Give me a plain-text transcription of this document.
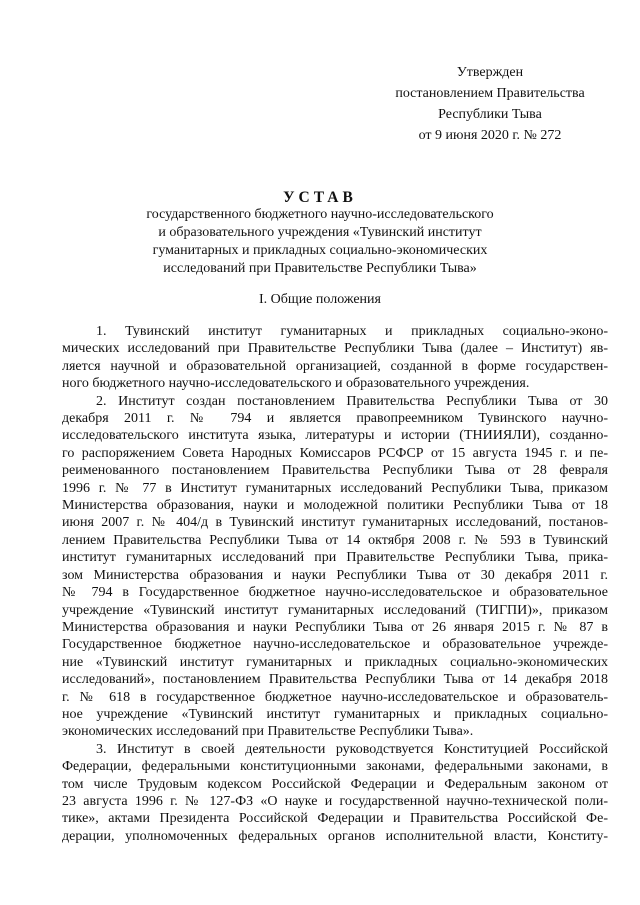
Утвержден
постановлением Правительства
Республики Тыва
от 9 июня 2020 г. № 272
УСТАВ
государственного бюджетного научно-исследовательского
и образовательного учреждения «Тувинский институт
гуманитарных и прикладных социально-экономических
исследований при Правительстве Республики Тыва»
I. Общие положения
1. Тувинский институт гуманитарных и прикладных социально-эконо-
мических исследований при Правительстве Республики Тыва (далее – Институт) яв-
ляется научной и образовательной организацией, созданной в форме государствен-
ного бюджетного научно-исследовательского и образовательного учреждения.
2. Институт создан постановлением Правительства Республики Тыва от 30
декабря 2011 г. № 794 и является правопреемником Тувинского научно-
исследовательского института языка, литературы и истории (ТНИИЯЛИ), созданно-
го распоряжением Совета Народных Комиссаров РСФСР от 15 августа 1945 г. и пе-
реименованного постановлением Правительства Республики Тыва от 28 февраля
1996 г. № 77 в Институт гуманитарных исследований Республики Тыва, приказом
Министерства образования, науки и молодежной политики Республики Тыва от 18
июня 2007 г. № 404/д в Тувинский институт гуманитарных исследований, постанов-
лением Правительства Республики Тыва от 14 октября 2008 г. № 593 в Тувинский
институт гуманитарных исследований при Правительстве Республики Тыва, прика-
зом Министерства образования и науки Республики Тыва от 30 декабря 2011 г.
№ 794 в Государственное бюджетное научно-исследовательское и образовательное
учреждение «Тувинский институт гуманитарных исследований (ТИГПИ)», приказом
Министерства образования и науки Республики Тыва от 26 января 2015 г. № 87 в
Государственное бюджетное научно-исследовательское и образовательное учрежде-
ние «Тувинский институт гуманитарных и прикладных социально-экономических
исследований», постановлением Правительства Республики Тыва от 14 декабря 2018
г. № 618 в государственное бюджетное научно-исследовательское и образователь-
ное учреждение «Тувинский институт гуманитарных и прикладных социально-
экономических исследований при Правительстве Республики Тыва».
3. Институт в своей деятельности руководствуется Конституцией Российской
Федерации, федеральными конституционными законами, федеральными законами, в
том числе Трудовым кодексом Российской Федерации и Федеральным законом от
23 августа 1996 г. № 127-ФЗ «О науке и государственной научно-технической поли-
тике», актами Президента Российской Федерации и Правительства Российской Фе-
дерации, уполномоченных федеральных органов исполнительной власти, Конститу-
